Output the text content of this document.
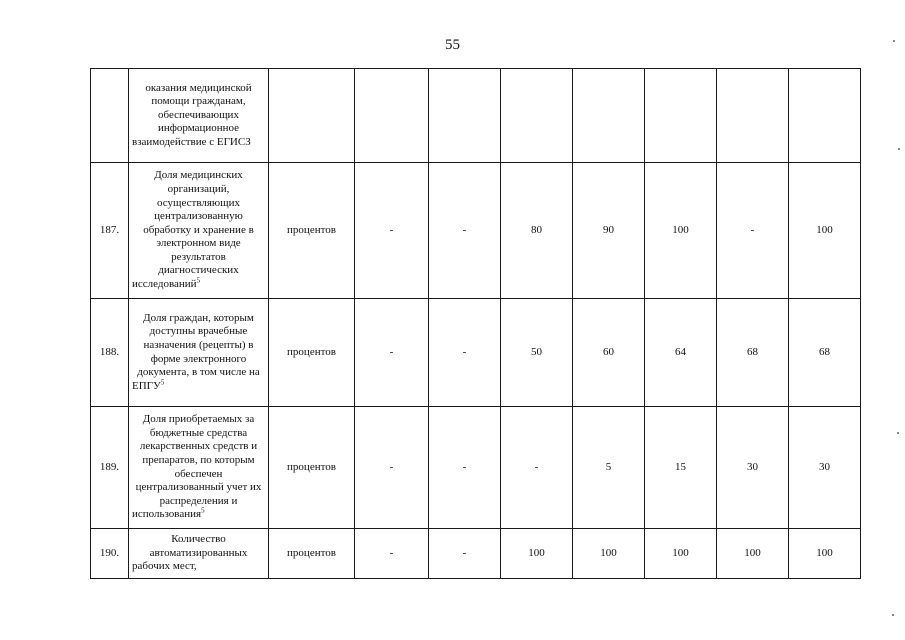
55
	оказания медицинской помощи гражданам, обеспечивающих информационное взаимодействие с ЕГИСЗ								
187.	Доля медицинских организаций, осуществляющих централизованную обработку и хранение в электронном виде результатов диагностических исследований$^5$	процентов	-	-	80	90	100	-	100
188.	Доля граждан, которым доступны врачебные назначения (рецепты) в форме электронного документа, в том числе на ЕПГУ$^5$	процентов	-	-	50	60	64	68	68
189.	Доля приобретаемых за бюджетные средства лекарственных средств и препаратов, по которым обеспечен централизованный учет их распределения и использования$^5$	процентов	-	-	-	5	15	30	30
190.	Количество автоматизированных рабочих мест,	процентов	-	-	100	100	100	100	100
